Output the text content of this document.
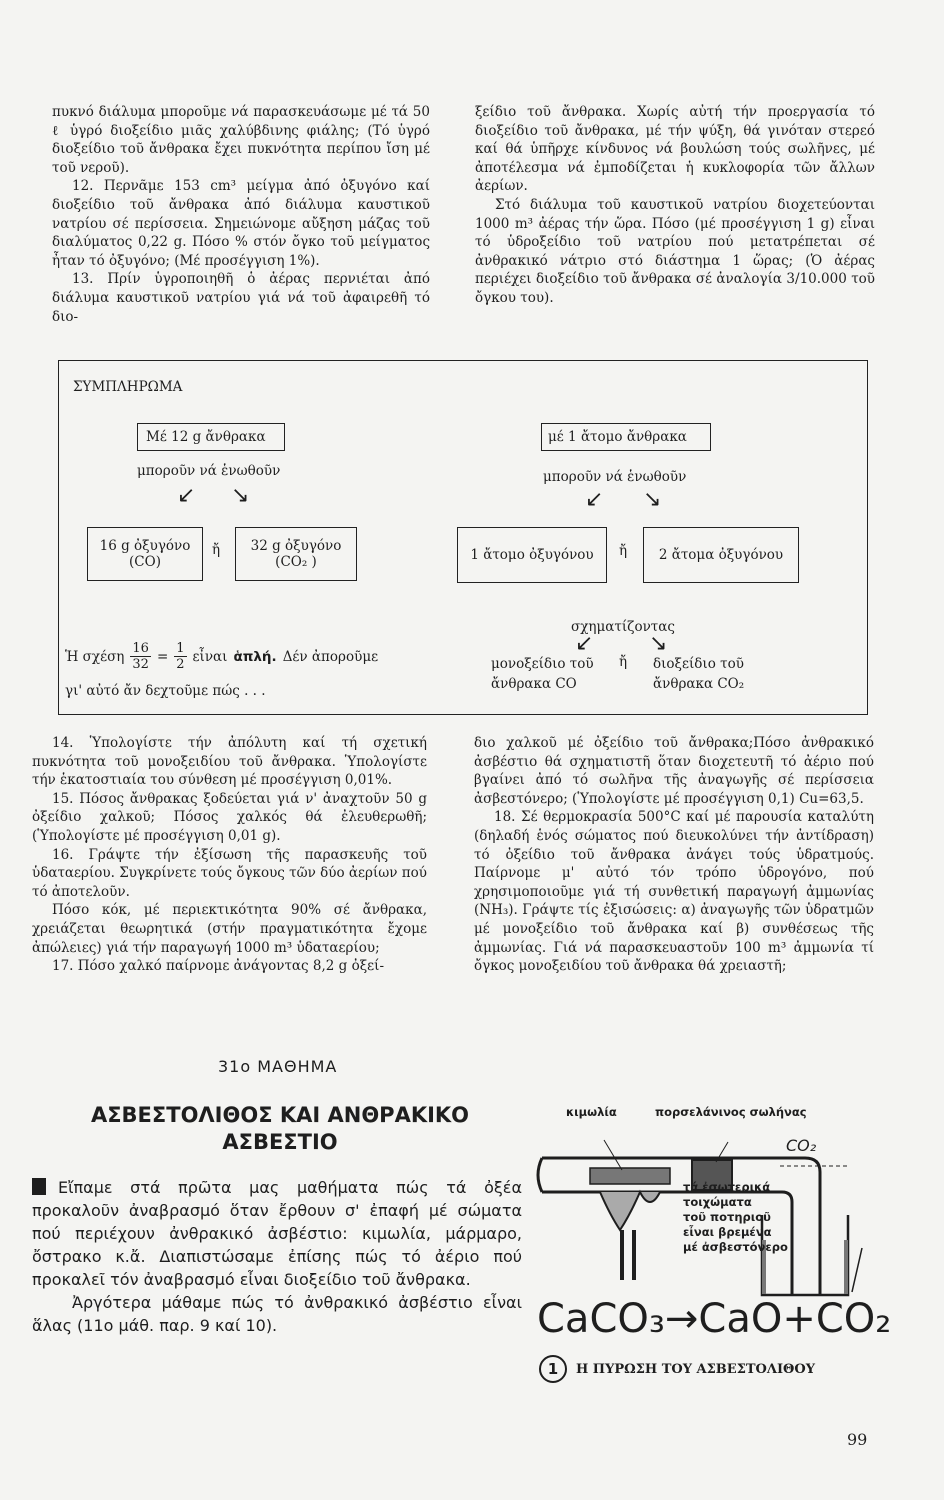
πυκνό διάλυμα μποροῦμε νά παρασκευάσωμε μέ τά 50 ℓ ὑγρό διοξείδιο μιᾶς χαλύβδινης φιάλης; (Τό ὑγρό διοξείδιο τοῦ ἄνθρακα ἔχει πυκνότητα περίπου ἴση μέ τοῦ νεροῦ).

12. Περνᾶμε 153 cm³ μείγμα ἀπό ὀξυγόνο καί διοξείδιο τοῦ ἄνθρακα ἀπό διάλυμα καυστικοῦ νατρίου σέ περίσσεια. Σημειώνομε αὔξηση μάζας τοῦ διαλύματος 0,22 g. Πόσο % στόν ὄγκο τοῦ μείγματος ἦταν τό ὀξυγόνο; (Μέ προσέγγιση 1%).

13. Πρίν ὑγροποιηθῆ ὁ ἀέρας περνιέται ἀπό διάλυμα καυστικοῦ νατρίου γιά νά τοῦ ἀφαιρεθῆ τό διο-

ξείδιο τοῦ ἄνθρακα. Χωρίς αὐτή τήν προεργασία τό διοξείδιο τοῦ ἄνθρακα, μέ τήν ψύξη, θά γινόταν στερεό καί θά ὑπῆρχε κίνδυνος νά βουλώση τούς σωλῆνες, μέ ἀποτέλεσμα νά ἐμποδίζεται ἡ κυκλοφορία τῶν ἄλλων ἀερίων.

Στό διάλυμα τοῦ καυστικοῦ νατρίου διοχετεύονται 1000 m³ ἀέρας τήν ὥρα. Πόσο (μέ προσέγγιση 1 g) εἶναι τό ὑδροξείδιο τοῦ νατρίου πού μετατρέπεται σέ ἀνθρακικό νάτριο στό διάστημα 1 ὥρας; (Ὁ ἀέρας περιέχει διοξείδιο τοῦ ἄνθρακα σέ ἀναλογία 3/10.000 τοῦ ὄγκου του).

ΣΥΜΠΛΗΡΩΜΑ
Μέ 12 g ἄνθρακα
μποροῦν νά ἑνωθοῦν
↙ ↘
16 g ὀξυγόνο
(CO)
ἤ 32 g ὀξυγόνο
(CO₂ )
Ἡ σχέση $\frac{16}{32} = \frac{1}{2}$ εἶναι ἁπλή. Δέν ἀποροῦμε
γι' αὐτό ἄν δεχτοῦμε πώς . . .
μέ 1 ἄτομο ἄνθρακα
μποροῦν νά ἑνωθοῦν
↙ ↘
1 ἄτομο ὀξυγόνου ἤ 2 ἄτομα ὀξυγόνου
σχηματίζοντας
↙	↘
μονοξείδιο τοῦ
ἄνθρακα CO
ἤ διοξείδιο τοῦ
ἄνθρακα CO₂

14. Ὑπολογίστε τήν ἀπόλυτη καί τή σχετική πυκνότητα τοῦ μονοξειδίου τοῦ ἄνθρακα. Ὑπολογίστε τήν ἑκατοστιαία του σύνθεση μέ προσέγγιση 0,01%.

15. Πόσος ἄνθρακας ξοδεύεται γιά ν' ἀναχτοῦν 50 g ὀξείδιο χαλκοῦ; Πόσος χαλκός θά ἐλευθερωθῆ; (Ὑπολογίστε μέ προσέγγιση 0,01 g).

16. Γράψτε τήν ἐξίσωση τῆς παρασκευῆς τοῦ ὑδαταερίου. Συγκρίνετε τούς ὄγκους τῶν δύο ἀερίων πού τό ἀποτελοῦν.

Πόσο κόκ, μέ περιεκτικότητα 90% σέ ἄνθρακα, χρειάζεται θεωρητικά (στήν πραγματικότητα ἔχομε ἀπώλειες) γιά τήν παραγωγή 1000 m³ ὑδαταερίου;

17. Πόσο χαλκό παίρνομε ἀνάγοντας 8,2 g ὀξεί-

διο χαλκοῦ μέ ὀξείδιο τοῦ ἄνθρακα;Πόσο ἀνθρακικό ἀσβέστιο θά σχηματιστῆ ὅταν διοχετευτῆ τό ἀέριο πού βγαίνει ἀπό τό σωλῆνα τῆς ἀναγωγῆς σέ περίσσεια ἀσβεστόνερο; (Ὑπολογίστε μέ προσέγγιση 0,1) Cu=63,5.

18. Σέ θερμοκρασία 500°C καί μέ παρουσία καταλύτη (δηλαδή ἑνός σώματος πού διευκολύνει τήν ἀντίδραση) τό ὀξείδιο τοῦ ἄνθρακα ἀνάγει τούς ὑδρατμούς. Παίρνομε μ' αὐτό τόν τρόπο ὑδρογόνο, πού χρησιμοποιοῦμε γιά τή συνθετική παραγωγή ἀμμωνίας (NH₃). Γράψτε τίς ἐξισώσεις: α) ἀναγωγῆς τῶν ὑδρατμῶν μέ μονοξείδιο τοῦ ἄνθρακα καί β) συνθέσεως τῆς ἀμμωνίας. Γιά νά παρασκευαστοῦν 100 m³ ἀμμωνία τί ὄγκος μονοξειδίου τοῦ ἄνθρακα θά χρειαστῆ;

31ο ΜΑΘΗΜΑ
ΑΣΒΕΣΤΟΛΙΘΟΣ ΚΑΙ ΑΝΘΡΑΚΙΚΟ
ΑΣΒΕΣΤΙΟ

Εἴπαμε στά πρῶτα μας μαθήματα πώς τά ὀξέα προκαλοῦν ἀναβρασμό ὅταν ἔρθουν σ' ἐπαφή μέ σώματα πού περιέχουν ἀνθρακικό ἀσβέστιο: κιμωλία, μάρμαρο, ὄστρακο κ.ἄ. Διαπιστώσαμε ἐπίσης πώς τό ἀέριο πού προκαλεῖ τόν ἀναβρασμό εἶναι διοξείδιο τοῦ ἄνθρακα.

Ἀργότερα μάθαμε πώς τό ἀνθρακικό ἀσβέστιο εἶναι ἅλας (11ο μάθ. παρ. 9 καί 10).

κιμωλία	πορσελάνινος σωλήνας
CO₂
τά ἐσωτερικά
τοιχώματα
τοῦ ποτηριοῦ
εἶναι βρεμένα
μέ ἀσβεστόνερο
CaCO₃→CaO+CO₂
1	Η ΠΥΡΩΣΗ ΤΟΥ ΑΣΒΕΣΤΟΛΙΘΟΥ
99
